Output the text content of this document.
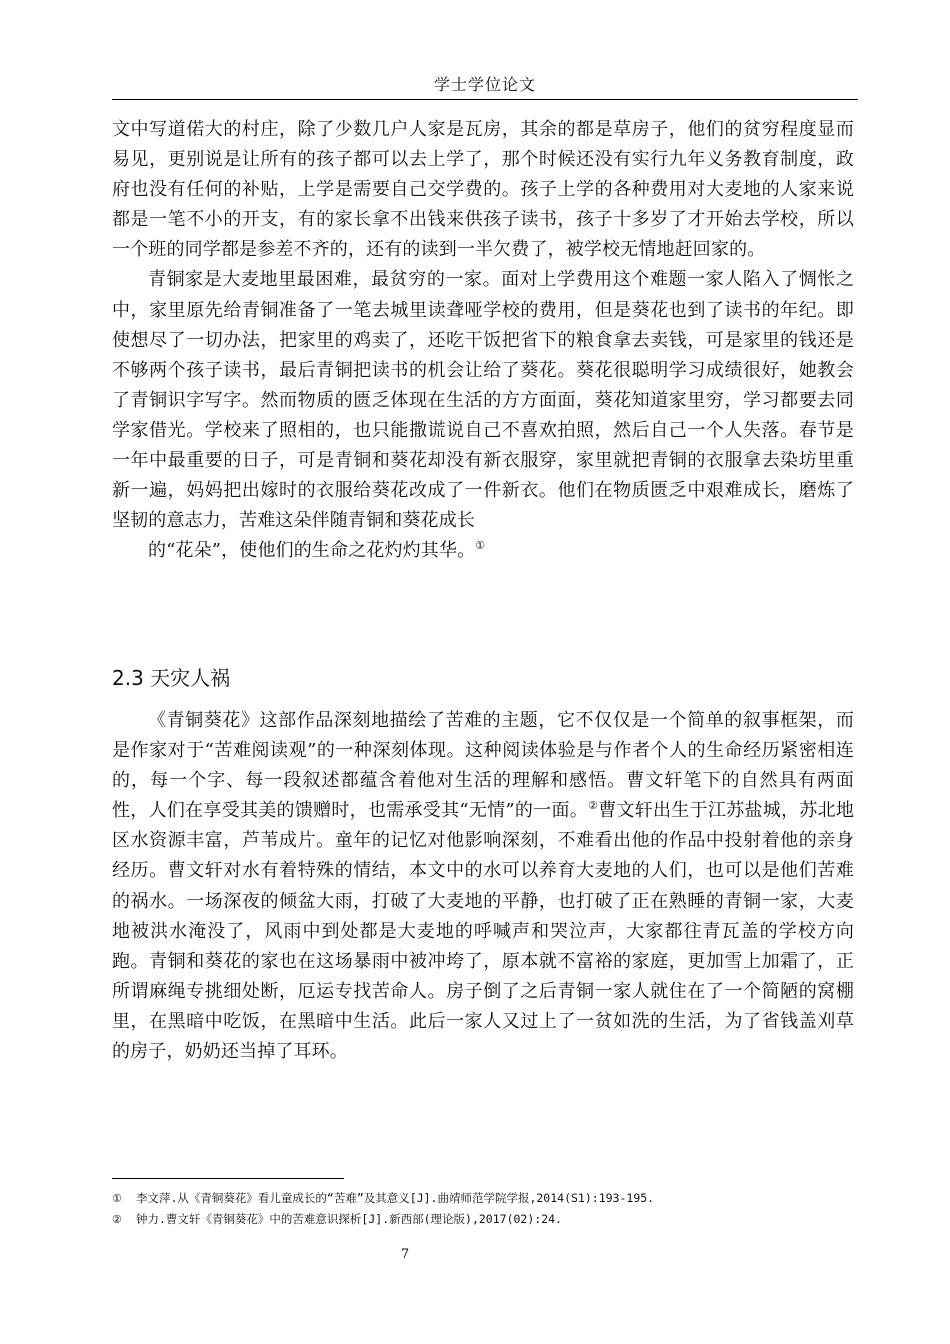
学士学位论文

文中写道偌大的村庄，除了少数几户人家是瓦房，其余的都是草房子，他们的贫穷程度显而易见，更别说是让所有的孩子都可以去上学了，那个时候还没有实行九年义务教育制度，政府也没有任何的补贴，上学是需要自己交学费的。孩子上学的各种费用对大麦地的人家来说都是一笔不小的开支，有的家长拿不出钱来供孩子读书，孩子十多岁了才开始去学校，所以一个班的同学都是参差不齐的，还有的读到一半欠费了，被学校无情地赶回家的。

青铜家是大麦地里最困难，最贫穷的一家。面对上学费用这个难题一家人陷入了惆怅之中，家里原先给青铜准备了一笔去城里读聋哑学校的费用，但是葵花也到了读书的年纪。即使想尽了一切办法，把家里的鸡卖了，还吃干饭把省下的粮食拿去卖钱，可是家里的钱还是不够两个孩子读书，最后青铜把读书的机会让给了葵花。葵花很聪明学习成绩很好，她教会了青铜识字写字。然而物质的匮乏体现在生活的方方面面，葵花知道家里穷，学习都要去同学家借光。学校来了照相的，也只能撒谎说自己不喜欢拍照，然后自己一个人失落。春节是一年中最重要的日子，可是青铜和葵花却没有新衣服穿，家里就把青铜的衣服拿去染坊里重新一遍，妈妈把出嫁时的衣服给葵花改成了一件新衣。他们在物质匮乏中艰难成长，磨炼了坚韧的意志力，苦难这朵伴随青铜和葵花成长
的“花朵”，使他们的生命之花灼灼其华。①

2.3 天灾人祸

《青铜葵花》这部作品深刻地描绘了苦难的主题，它不仅仅是一个简单的叙事框架，而是作家对于“苦难阅读观”的一种深刻体现。这种阅读体验是与作者个人的生命经历紧密相连的，每一个字、每一段叙述都蕴含着他对生活的理解和感悟。曹文轩笔下的自然具有两面性，人们在享受其美的馈赠时，也需承受其“无情”的一面。②曹文轩出生于江苏盐城，苏北地区水资源丰富，芦苇成片。童年的记忆对他影响深刻，不难看出他的作品中投射着他的亲身经历。曹文轩对水有着特殊的情结，本文中的水可以养育大麦地的人们，也可以是他们苦难的祸水。一场深夜的倾盆大雨，打破了大麦地的平静，也打破了正在熟睡的青铜一家，大麦地被洪水淹没了，风雨中到处都是大麦地的呼喊声和哭泣声，大家都往青瓦盖的学校方向跑。青铜和葵花的家也在这场暴雨中被冲垮了，原本就不富裕的家庭，更加雪上加霜了，正所谓麻绳专挑细处断，厄运专找苦命人。房子倒了之后青铜一家人就住在了一个简陋的窝棚里，在黑暗中吃饭，在黑暗中生活。此后一家人又过上了一贫如洗的生活，为了省钱盖刈草的房子，奶奶还当掉了耳环。

①	李文萍.从《青铜葵花》看儿童成长的“苦难”及其意义[J].曲靖师范学院学报,2014(S1):193-195.
②	钟力.曹文轩《青铜葵花》中的苦难意识探析[J].新西部(理论版),2017(02):24.
7
